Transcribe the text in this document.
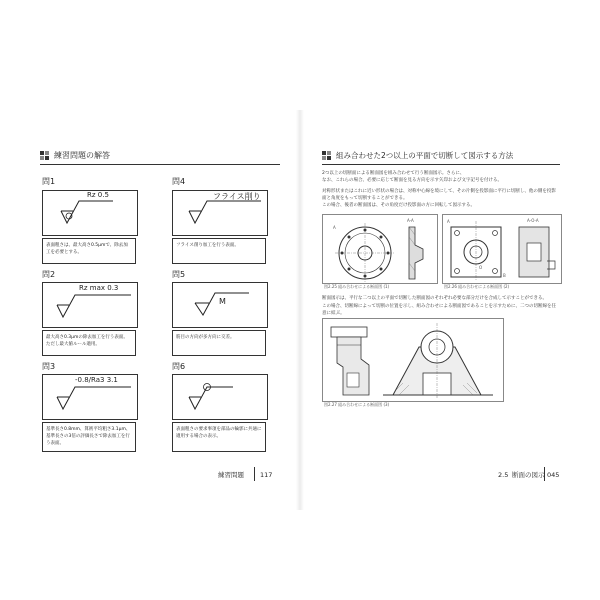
練習問題の解答
問1
Rz 0.5
表面粗さは、最大高さ0.5μmで、除去加工を必要とする。
問4
フライス削り
フライス削り加工を行う表面。
問2
Rz max 0.3
最大高さ0.3μmの除去加工を行う表面。ただし最大値ルール適用。
問5
M
筋目の方向が多方向に交差。
問3
-0.8/Ra3 3.1
基準長さ0.8mm、算術平均粗さ3.1μm、基準長さの3倍の評価長さで除去加工を行う表面。
問6
表面粗さの要求事項を部品の輪郭に共通に適用する場合の表示。
練習問題 117
組み合わせた2つ以上の平面で切断して図示する方法
2つ以上の切断面による断面図を組み合わせて行う断面図示。さらに、
なお、これらの場合、必要に応じて断面を見る方向を示す矢印および文字記号を付ける。
対称形状またはこれに近い形状の場合は、対称中心線を境にして、その片側を投影面に平行に切断し、他の側を投影面と角度をもって切断することができる。
この場合、後者の断面図は、その角度だけ投影面の方に回転して図示する。
A
A-A	A	A-O-A
B
O
図2.25 組み合わせによる断面図 (1)	図2.26 組み合わせによる断面図 (2)
断面図示は、平行な二つ以上の平面で切断した断面図のそれぞれ必要な部分だけを合成して示すことができる。
この場合、切断線によって切断の位置を示し、組み合わせによる断面図であることを示すために、二つの切断線を任意に結ぶ。
図2.27 組み合わせによる断面図 (3)
2.5 断面の図示 045
